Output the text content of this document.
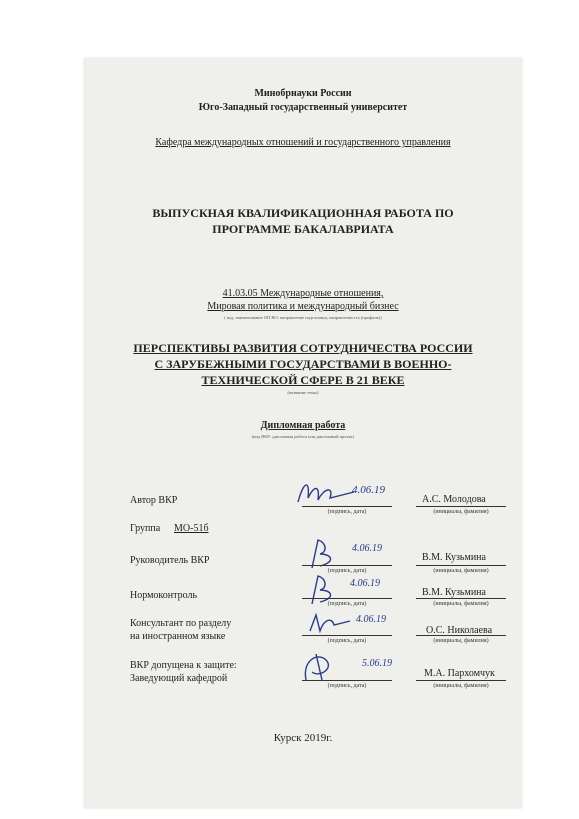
Минобрнауки России
Юго-Западный государственный университет
Кафедра международных отношений и государственного управления
ВЫПУСКНАЯ КВАЛИФИКАЦИОННАЯ РАБОТА ПО
ПРОГРАММЕ БАКАЛАВРИАТА
41.03.05 Международные отношения,
Мировая политика и международный бизнес
( код, наименование ОП ВО: направление подготовки, направленность (профиль))
ПЕРСПЕКТИВЫ РАЗВИТИЯ СОТРУДНИЧЕСТВА РОССИИ
С ЗАРУБЕЖНЫМИ ГОСУДАРСТВАМИ В ВОЕННО-
ТЕХНИЧЕСКОЙ СФЕРЕ В 21 ВЕКЕ
(название темы)
Дипломная работа
(вид ВКР: дипломная работа или дипломный проект)
Автор ВКР
4.06.19
(подпись, дата)
А.С. Молодова
(инициалы, фамилия)
Группа МО-51б
Руководитель ВКР
4.06.19
(подпись, дата)
В.М. Кузьмина
(инициалы, фамилия)
Нормоконтроль
4.06.19
(подпись, дата)
В.М. Кузьмина
(инициалы, фамилия)
Консультант по разделу
на иностранном языке
4.06.19
(подпись, дата)
О.С. Николаева
(инициалы, фамилия)
ВКР допущена к защите:
Заведующий кафедрой
5.06.19
(подпись, дата)
М.А. Пархомчук
(инициалы, фамилия)
Курск 2019г.
